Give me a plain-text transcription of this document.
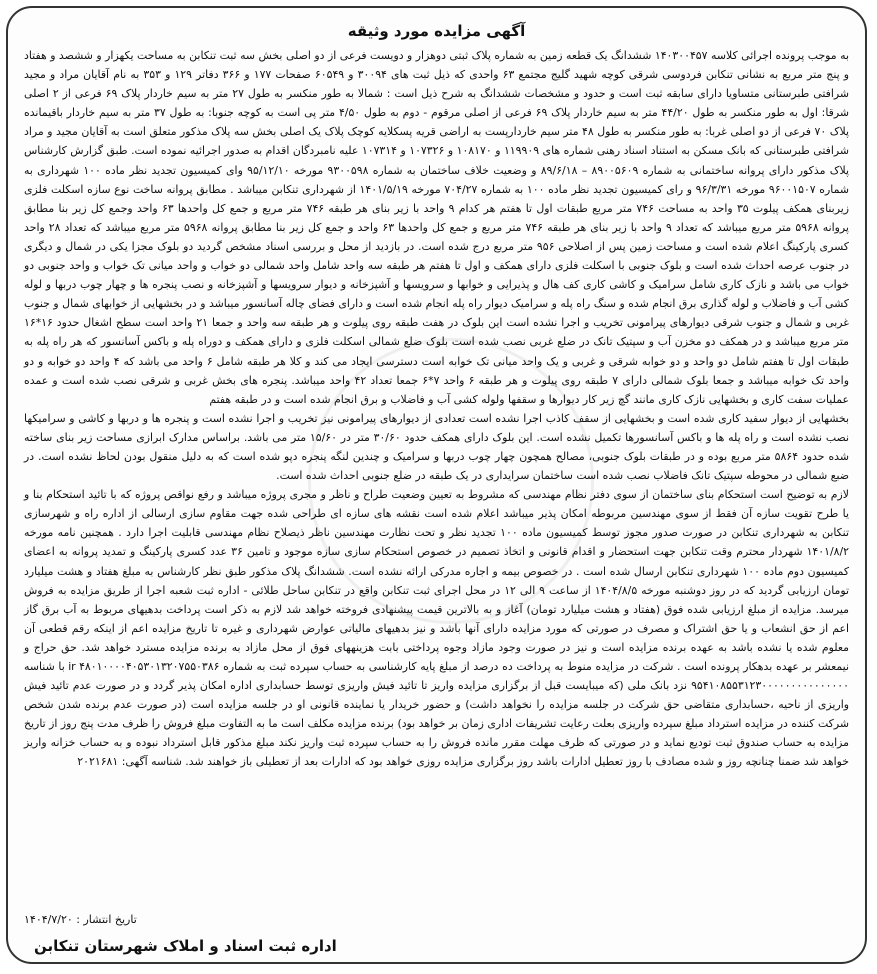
آگهی مزایده مورد وثیقه

به موجب پرونده اجرائی کلاسه ۱۴۰۳۰۰۴۵۷ ششدانگ یک قطعه زمین به شماره پلاک ثبتی دوهزار و دویست فرعی از دو اصلی بخش سه ثبت تنکابن به مساحت یکهزار و ششصد و هفتاد و پنج متر مربع به نشانی تنکابن فردوسی شرقی کوچه شهید گلیج مجتمع ۶۳ واحدی که ذیل ثبت های ۳۰۰۹۴ و ۶۰۵۴۹ صفحات ۱۷۷ و ۳۶۶ دفاتر ۱۲۹ و ۳۵۳ به نام آقایان مراد و مجید شرافتی طبرستانی متساویا دارای سابقه ثبت است و حدود و مشخصات ششدانگ به شرح ذیل است : شمالا به طور منکسر به طول ۲۷ متر به سیم خاردار پلاک ۶۹ فرعی از ۲ اصلی شرقا: اول به طور منکسر به طول ۴۴/۲۰ متر به سیم خاردار پلاک ۶۹ فرعی از اصلی مرقوم - دوم به طول ۴/۵۰ متر پی است به کوچه جنوبا: به طول ۳۷ متر به سیم خاردار باقیمانده پلاک ۷۰ فرعی از دو اصلی غربا: به طور منکسر به طول ۴۸ متر سیم خاردارپست به اراضی قریه پسکلایه کوچک پلاک یک اصلی بخش سه پلاک مذکور متعلق است به آقایان مجید و مراد شرافتی طبرستانی که بانک مسکن به استناد اسناد رهنی شماره های ۱۱۹۹۰۹ و ۱۰۸۱۷۰ و ۱۰۷۳۲۶ و ۱۰۷۳۱۴ علیه نامبردگان اقدام به صدور اجرائیه نموده است. طبق گزارش کارشناس پلاک مذکور دارای پروانه ساختمانی به شماره ۸۹۰۰۵۶۰۹ – ۸۹/۶/۱۸ و وضعیت خلاف ساختمان به شماره ۹۳۰۰۵۹۸ مورخه ۹۵/۱۲/۱۰ وای کمیسیون تجدید نظر ماده ۱۰۰ شهرداری به شماره ۹۶۰۰۱۵۰۷ مورخه ۹۶/۳/۳۱ و رای کمیسیون تجدید نظر ماده ۱۰۰ به شماره ۷۰۴/۲۷ مورخه ۱۴۰۱/۵/۱۹ از شهرداری تنکابن میباشد . مطابق پروانه ساخت نوع سازه اسکلت فلزی زیربنای همکف پیلوت ۳۵ واحد به مساحت ۷۴۶ متر مربع طبقات اول تا هفتم هر کدام ۹ واحد با زیر بنای هر طبقه ۷۴۶ متر مربع و جمع کل واحدها ۶۳ واحد وجمع کل زیر بنا مطابق پروانه ۵۹۶۸ متر مربع میباشد که تعداد ۹ واحد با زیر بنای هر طبقه ۷۴۶ متر مربع و جمع کل واحدها ۶۳ واحد و جمع کل زیر بنا مطابق پروانه ۵۹۶۸ متر مربع میباشد که تعداد ۲۸ واحد کسری پارکینگ اعلام شده است و مساحت زمین پس از اصلاحی ۹۵۶ متر مربع درج شده است. در بازدید از محل و بررسی اسناد مشخص گردید دو بلوک مجزا یکی در شمال و دیگری در جنوب عرصه احداث شده است و بلوک جنوبی با اسکلت فلزی دارای همکف و اول تا هفتم هر طبقه سه واحد شامل واحد شمالی دو خواب و واحد میانی تک خواب و واحد جنوبی دو خواب می باشد و نازک کاری شامل سرامیک و کاشی کاری کف هال و پذیرایی و خوابها و سرویسها و آشپزخانه و دیوار سرویسها و آشپزخانه و نصب پنجره ها و چهار چوب دربها و لوله کشی آب و فاضلاب و لوله گذاری برق انجام شده و سنگ راه پله و سرامیک دیوار راه پله انجام شده است و دارای فضای چاله آسانسور میباشد و در بخشهایی از خوابهای شمال و جنوب غربی و شمال و جنوب شرقی دیوارهای پیرامونی تخریب و اجرا نشده است این بلوک در هفت طبقه روی پیلوت و هر طبقه سه واحد و جمعا ۲۱ واحد است سطح اشغال حدود ۱۶*۱۶ متر مربع میباشد و در همکف دو مخزن آب و سپتیک تانک در ضلع غربی نصب شده است بلوک ضلع شمالی اسکلت فلزی و دارای همکف و دوراه پله و باکس آسانسور که هر راه پله به طبقات اول تا هفتم شامل دو واحد و دو خوابه شرقی و غربی و یک واحد میانی تک خوابه است دسترسی ایجاد می کند و کلا هر طبقه شامل ۶ واحد می باشد که ۴ واحد دو خوابه و دو واحد تک خوابه میباشد و جمعا بلوک شمالی دارای ۷ طبقه روی پیلوت و هر طبقه ۶ واحد ۷*۶ جمعا تعداد ۴۲ واحد میباشد. پنجره های بخش غربی و شرقی نصب شده است و عمده عملیات سفت کاری و بخشهایی نازک کاری مانند گچ زیر کار دیوارها و سقفها ولوله کشی آب و فاضلاب و برق انجام شده است و در طبقه هفتم

بخشهایی از دیوار سفید کاری شده است و بخشهایی از سقف کاذب اجرا نشده است تعدادی از دیوارهای پیرامونی نیز تخریب و اجرا نشده است و پنجره ها و دربها و کاشی و سرامیکها نصب نشده است و راه پله ها و باکس آسانسورها تکمیل نشده است. این بلوک دارای همکف حدود ۳۰/۶۰ متر در ۱۵/۶۰ متر می باشد. براساس مدارک ابرازی مساحت زیر بنای ساخته شده حدود ۵۸۶۴ متر مربع بوده و در طبقات بلوک جنوبی، مصالح همچون چهار چوب دربها و سرامیک و چندین لنگه پنجره دپو شده است که به دلیل منقول بودن لحاظ نشده است. در ضبع شمالی در محوطه سپتیک تانک فاضلاب نصب شده است ساختمان سرایداری در یک طبقه در ضلع جنوبی احداث شده است.

لازم به توضیح است استحکام بنای ساختمان از سوی دفتر نظام مهندسی که مشروط به تعیین وضعیت طراح و ناظر و مجری پروژه میباشد و رفع نواقص پروژه که با تائید استحکام بنا و یا طرح تقویت سازه آن فقط از سوی مهندسین مربوطه امکان پذیر میباشد اعلام شده است نقشه های سازه ای طراحی شده جهت مقاوم سازی ارسالی از اداره راه و شهرسازی تنکابن به شهرداری تنکابن در صورت صدور مجوز توسط کمیسیون ماده ۱۰۰ تجدید نظر و تحت نظارت مهندسین ناظر ذیصلاح نظام مهندسی قابلیت اجرا دارد . همچنین نامه مورخه ۱۴۰۱/۸/۲ شهردار محترم وقت تنکابن جهت استحضار و اقدام قانونی و اتخاذ تصمیم در خصوص استحکام سازی سازه موجود و تامین ۳۶ عدد کسری پارکینگ و تمدید پروانه به اعضای کمیسیون دوم ماده ۱۰۰ شهرداری تنکابن ارسال شده است . در خصوص بیمه و اجاره مدرکی ارائه نشده است. ششدانگ پلاک مذکور طبق نظر کارشناس به مبلغ هفتاد و هشت میلیارد تومان ارزیابی گردید که در روز دوشنبه مورخه ۱۴۰۴/۸/۵ از ساعت ۹ الی ۱۲ در محل اجرای ثبت تنکابن واقع در تنکابن ساحل طلائی - اداره ثبت شعبه اجرا از طریق مزایده به فروش میرسد. مزایده از مبلغ ارزیابی شده فوق (هفتاد و هشت میلیارد تومان) آغاز و به بالاترین قیمت پیشنهادی فروخته خواهد شد لازم به ذکر است پرداخت بدهیهای مربوط به آب برق گاز اعم از حق انشعاب و یا حق اشتراک و مصرف در صورتی که مورد مزایده دارای آنها باشد و نیز بدهیهای مالیاتی عوارض شهرداری و غیره تا تاریخ مزایده اعم از اینکه رقم قطعی آن معلوم شده یا نشده باشد به عهده برنده مزایده است و نیز در صورت وجود مازاد وجوه پرداختی بابت هزینههای فوق از محل مازاد به برنده مزایده مسترد خواهد شد. حق حراج و نیمعشر بر عهده بدهکار پرونده است . شرکت در مزایده منوط به پرداخت ده درصد از مبلغ پایه کارشناسی به حساب سپرده ثبت به شماره ۴۸۰۱۰۰۰۰۴۰۵۳۰۱۳۲۰۷۵۵۰۳۸۶ ir با شناسه ۹۵۴۱۰۸۵۵۳۱۲۳۰۰۰۰۰۰۰۰۰۰۰۰۰۰۰ نزد بانک ملی (که میبایست قبل از برگزاری مزایده واریز تا تائید فیش واریزی توسط حسابداری اداره امکان پذیر گردد و در صورت عدم تائید فیش واریزی از ناحیه ،حسابداری متقاضی حق شرکت در جلسه مزایده را نخواهد داشت) و حضور خریدار یا نماینده قانونی او در جلسه مزایده است (در صورت عدم برنده شدن شخص شرکت کننده در مزایده استرداد مبلغ سپرده واریزی بعلت رعایت تشریفات اداری زمان بر خواهد بود) برنده مزایده مکلف است ما به التفاوت مبلغ فروش را ظرف مدت پنج روز از تاریخ مزایده به حساب صندوق ثبت تودیع نماید و در صورتی که ظرف مهلت مقرر مانده فروش را به حساب سپرده ثبت واریز نکند مبلغ مذکور قابل استرداد نبوده و به حساب خزانه واریز خواهد شد ضمنا چنانچه روز و شده مصادف با روز تعطیل ادارات باشد روز برگزاری مزایده روزی خواهد بود که ادارات بعد از تعطیلی باز خواهند شد. شناسه آگهی: ۲۰۲۱۶۸۱

تاریخ انتشار : ۱۴۰۴/۷/۲۰
اداره ثبت اسناد و املاک شهرستان تنکابن
